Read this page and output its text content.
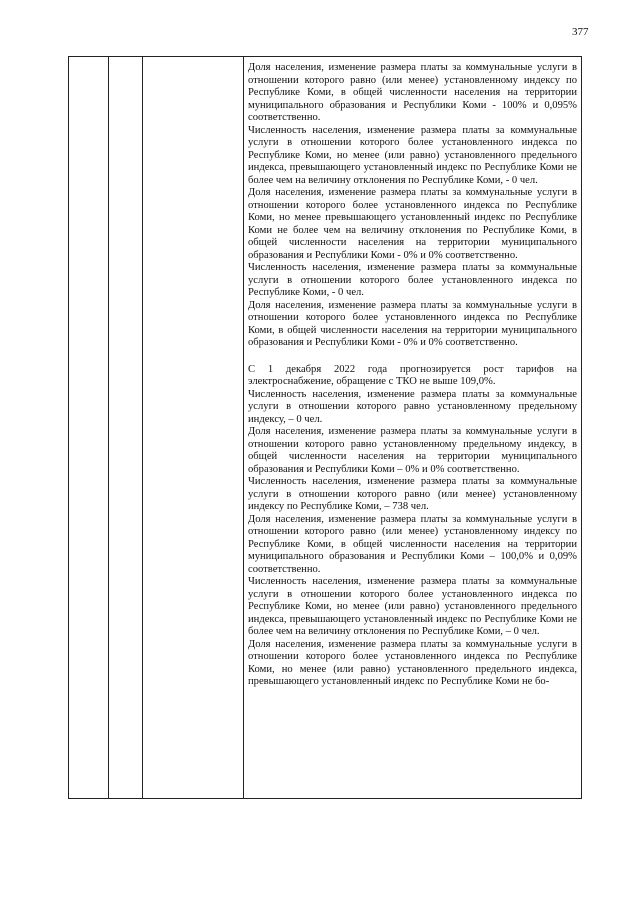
377

Доля населения, изменение размера платы за коммунальные услуги в отношении которого равно (или менее) установленному индексу по Республике Коми, в общей численности населения на территории муниципального образования и Республики Коми - 100% и 0,095% соответственно.

Численность населения, изменение размера платы за коммунальные услуги в отношении которого более установленного индекса по Республике Коми, но менее (или равно) установленного предельного индекса, превышающего установленный индекс по Республике Коми не более чем на величину отклонения по Республике Коми, - 0 чел.

Доля населения, изменение размера платы за коммунальные услуги в отношении которого более установленного индекса по Республике Коми, но менее превышающего установленный индекс по Республике Коми не более чем на величину отклонения по Республике Коми, в общей численности населения на территории муниципального образования и Республики Коми - 0% и 0% соответственно.

Численность населения, изменение размера платы за коммунальные услуги в отношении которого более установленного индекса по Республике Коми, - 0 чел.

Доля населения, изменение размера платы за коммунальные услуги в отношении которого более установленного индекса по Республике Коми, в общей численности населения на территории муниципального образования и Республики Коми - 0% и 0% соответственно.

С 1 декабря 2022 года прогнозируется рост тарифов на электроснабжение, обращение с ТКО не выше 109,0%.

Численность населения, изменение размера платы за коммунальные услуги в отношении которого равно установленному предельному индексу, – 0 чел.

Доля населения, изменение размера платы за коммунальные услуги в отношении которого равно установленному предельному индексу, в общей численности населения на территории муниципального образования и Республики Коми – 0% и 0% соответственно.

Численность населения, изменение размера платы за коммунальные услуги в отношении которого равно (или менее) установленному индексу по Республике Коми, – 738 чел.

Доля населения, изменение размера платы за коммунальные услуги в отношении которого равно (или менее) установленному индексу по Республике Коми, в общей численности населения на территории муниципального образования и Республики Коми – 100,0% и 0,09% соответственно.

Численность населения, изменение размера платы за коммунальные услуги в отношении которого более установленного индекса по Республике Коми, но менее (или равно) установленного предельного индекса, превышающего установленный индекс по Республике Коми не более чем на величину отклонения по Республике Коми, – 0 чел.

Доля населения, изменение размера платы за коммунальные услуги в отношении которого более установленного индекса по Республике Коми, но менее (или равно) установленного предельного индекса, превышающего установленный индекс по Республике Коми не бо-
